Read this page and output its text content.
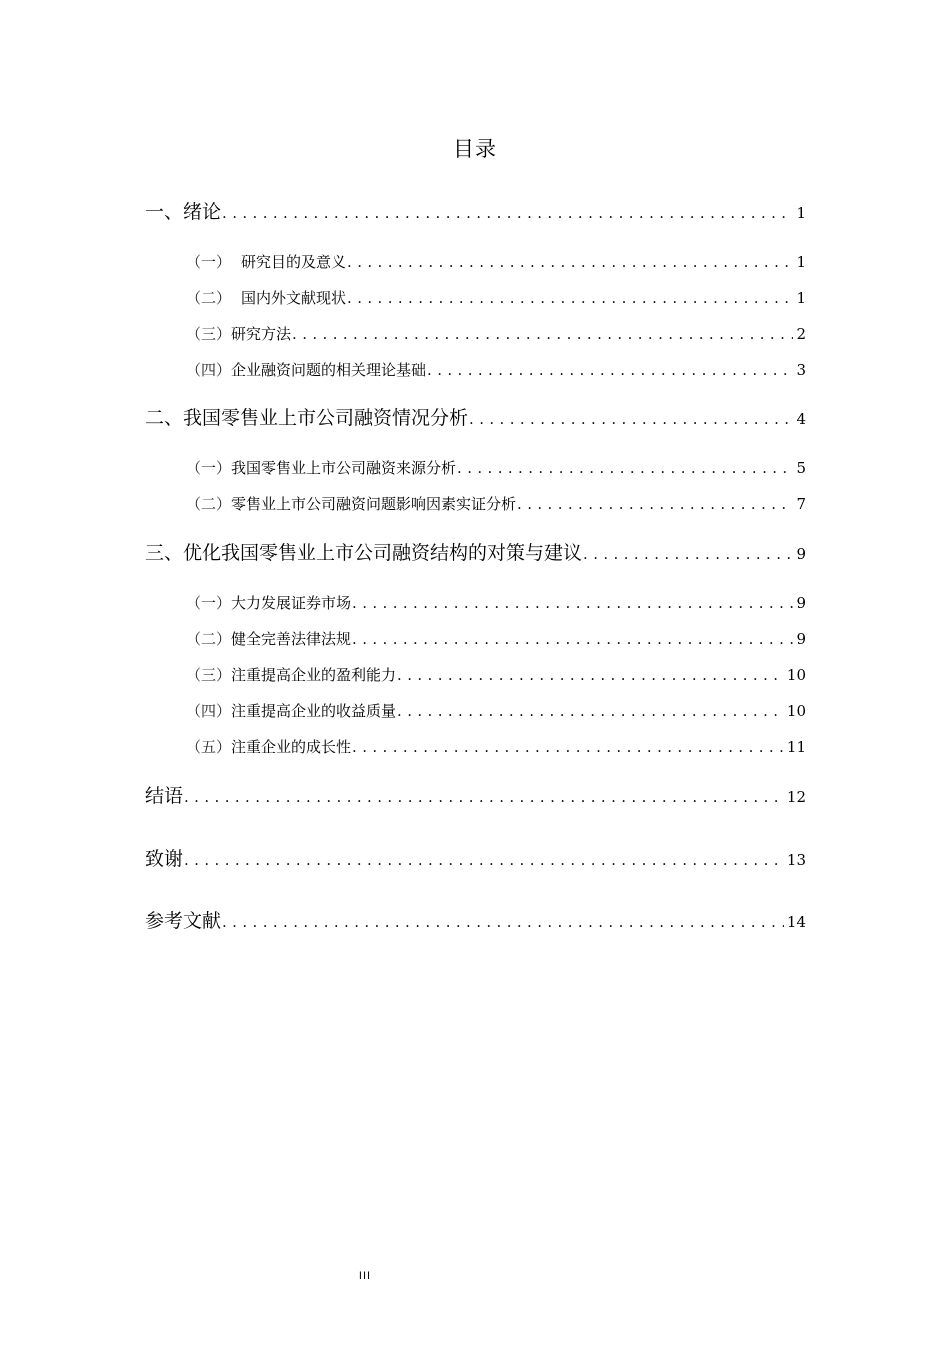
目录
一、 绪论 .....	1
（一） 研究目的及意义 .....	1
（二） 国内外文献现状 .....	1
（三） 研究方法 .....	2
（四） 企业融资问题的相关理论基础 .....	3
二、 我国零售业上市公司融资情况分析 .....	4
（一） 我国零售业上市公司融资来源分析 .....	5
（二） 零售业上市公司融资问题影响因素实证分析 .....	7
三、 优化我国零售业上市公司融资结构的对策与建议 .....	9
（一） 大力发展证券市场 .....	9
（二） 健全完善法律法规 .....	9
（三） 注重提高企业的盈利能力 .....	10
（四） 注重提高企业的收益质量 .....	10
（五） 注重企业的成长性 .....	11
结语 .....	12
致谢 .....	13
参考文献 .....	14
III
